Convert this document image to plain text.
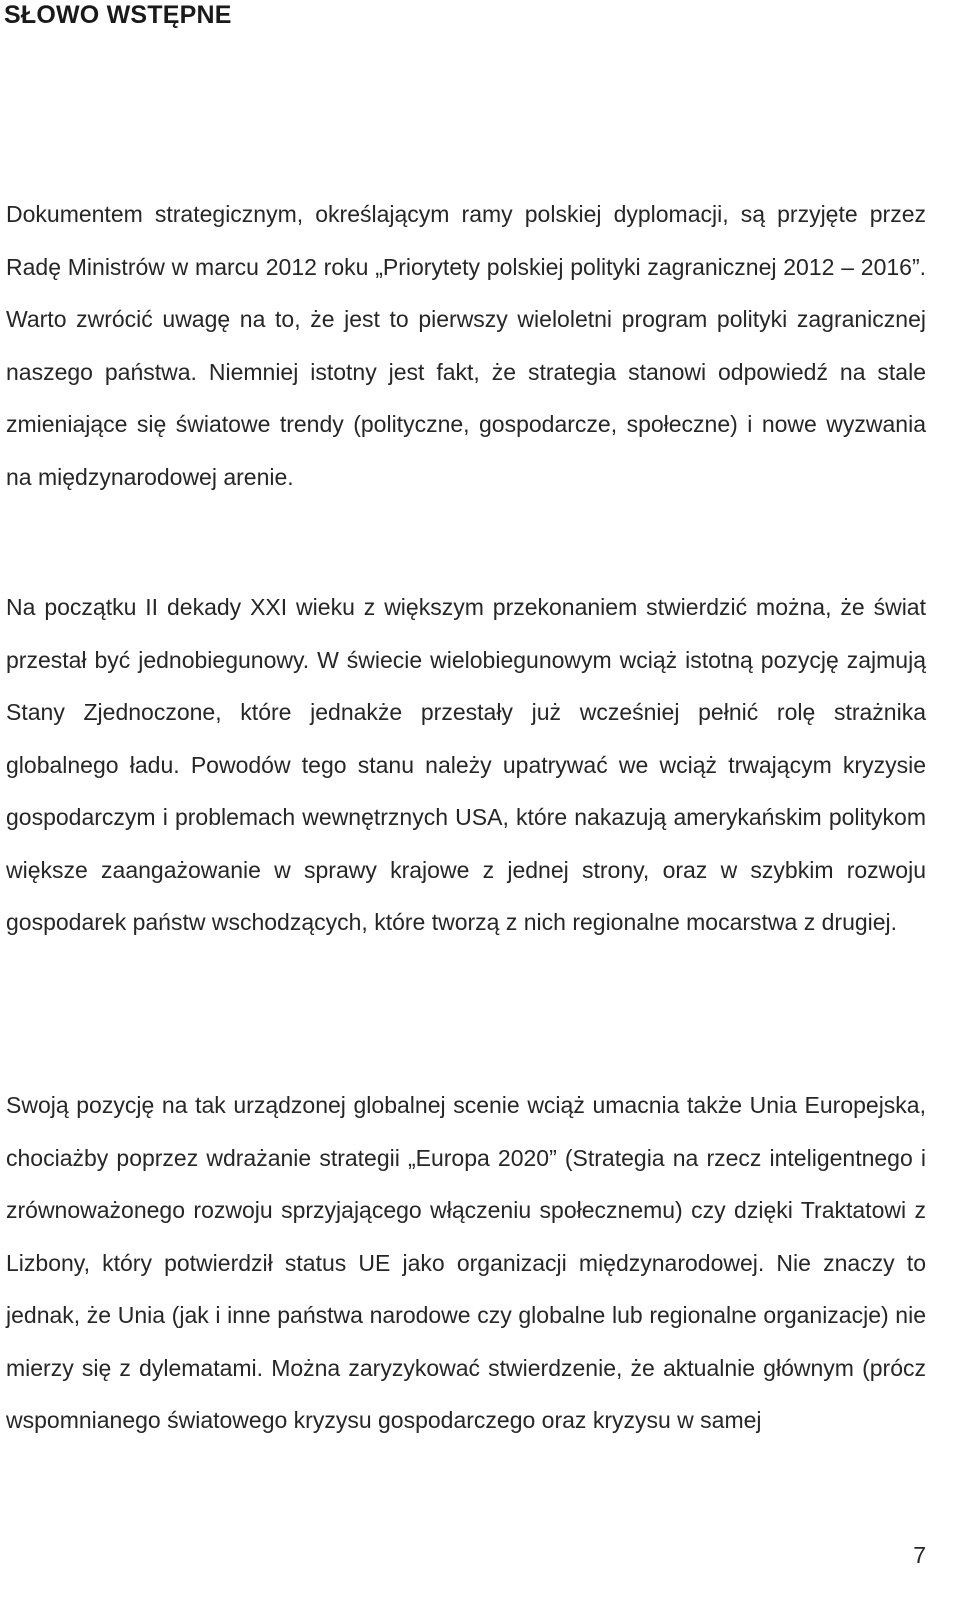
SŁOWO WSTĘPNE

Dokumentem strategicznym, określającym ramy polskiej dyplomacji, są przyjęte przez Radę Ministrów w marcu 2012 roku „Priorytety polskiej polityki zagranicznej 2012 – 2016”. Warto zwrócić uwagę na to, że jest to pierwszy wieloletni program polityki zagranicznej naszego państwa. Niemniej istotny jest fakt, że strategia stanowi odpowiedź na stale zmieniające się światowe trendy (polityczne, gospodarcze, społeczne) i nowe wyzwania na międzynarodowej arenie.

Na początku II dekady XXI wieku z większym przekonaniem stwierdzić można, że świat przestał być jednobiegunowy. W świecie wielobiegunowym wciąż istotną pozycję zajmują Stany Zjednoczone, które jednakże przestały już wcześniej pełnić rolę strażnika globalnego ładu. Powodów tego stanu należy upatrywać we wciąż trwającym kryzysie gospodarczym i problemach wewnętrznych USA, które nakazują amerykańskim politykom większe zaangażowanie w sprawy krajowe z jednej strony, oraz w szybkim rozwoju gospodarek państw wschodzących, które tworzą z nich regionalne mocarstwa z drugiej.

Swoją pozycję na tak urządzonej globalnej scenie wciąż umacnia także Unia Europejska, chociażby poprzez wdrażanie strategii „Europa 2020” (Strategia na rzecz inteligentnego i zrównoważonego rozwoju sprzyjającego włączeniu społecznemu) czy dzięki Traktatowi z Lizbony, który potwierdził status UE jako organizacji międzynarodowej. Nie znaczy to jednak, że Unia (jak i inne państwa narodowe czy globalne lub regionalne organizacje) nie mierzy się z dylematami. Można zaryzykować stwierdzenie, że aktualnie głównym (prócz wspomnianego światowego kryzysu gospodarczego oraz kryzysu w samej

7
